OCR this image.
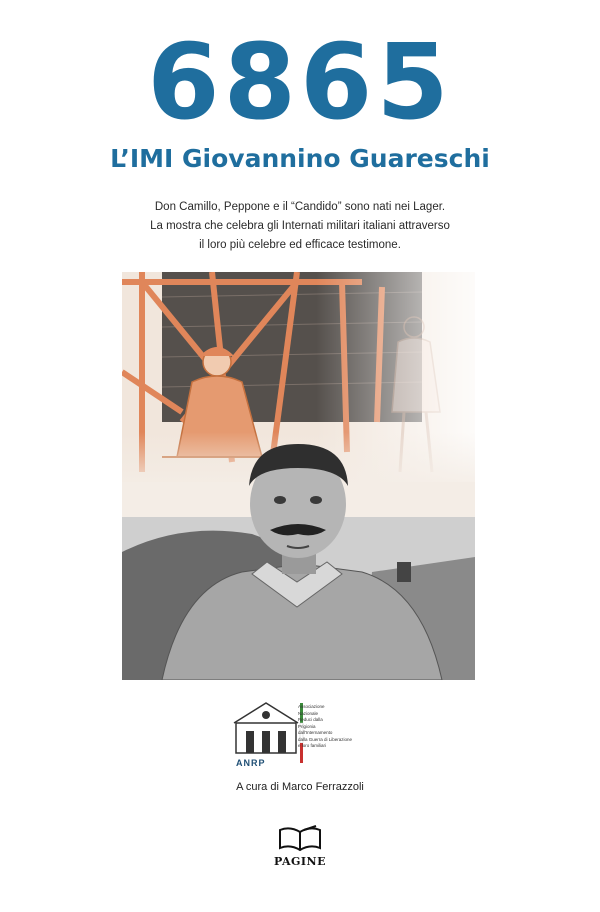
6865
L’IMI Giovannino Guareschi

Don Camillo, Peppone e il “Candido” sono nati nei Lager.

La mostra che celebra gli Internati militari italiani attraverso

il loro più celebre ed efficace testimone.

Associazione
Nazionale
Reduci dalla
Prigionia
dall'Internamento
dalla Guerra di Liberazione
e loro familiari
ANRP
A cura di Marco Ferrazzoli
PAGINE
